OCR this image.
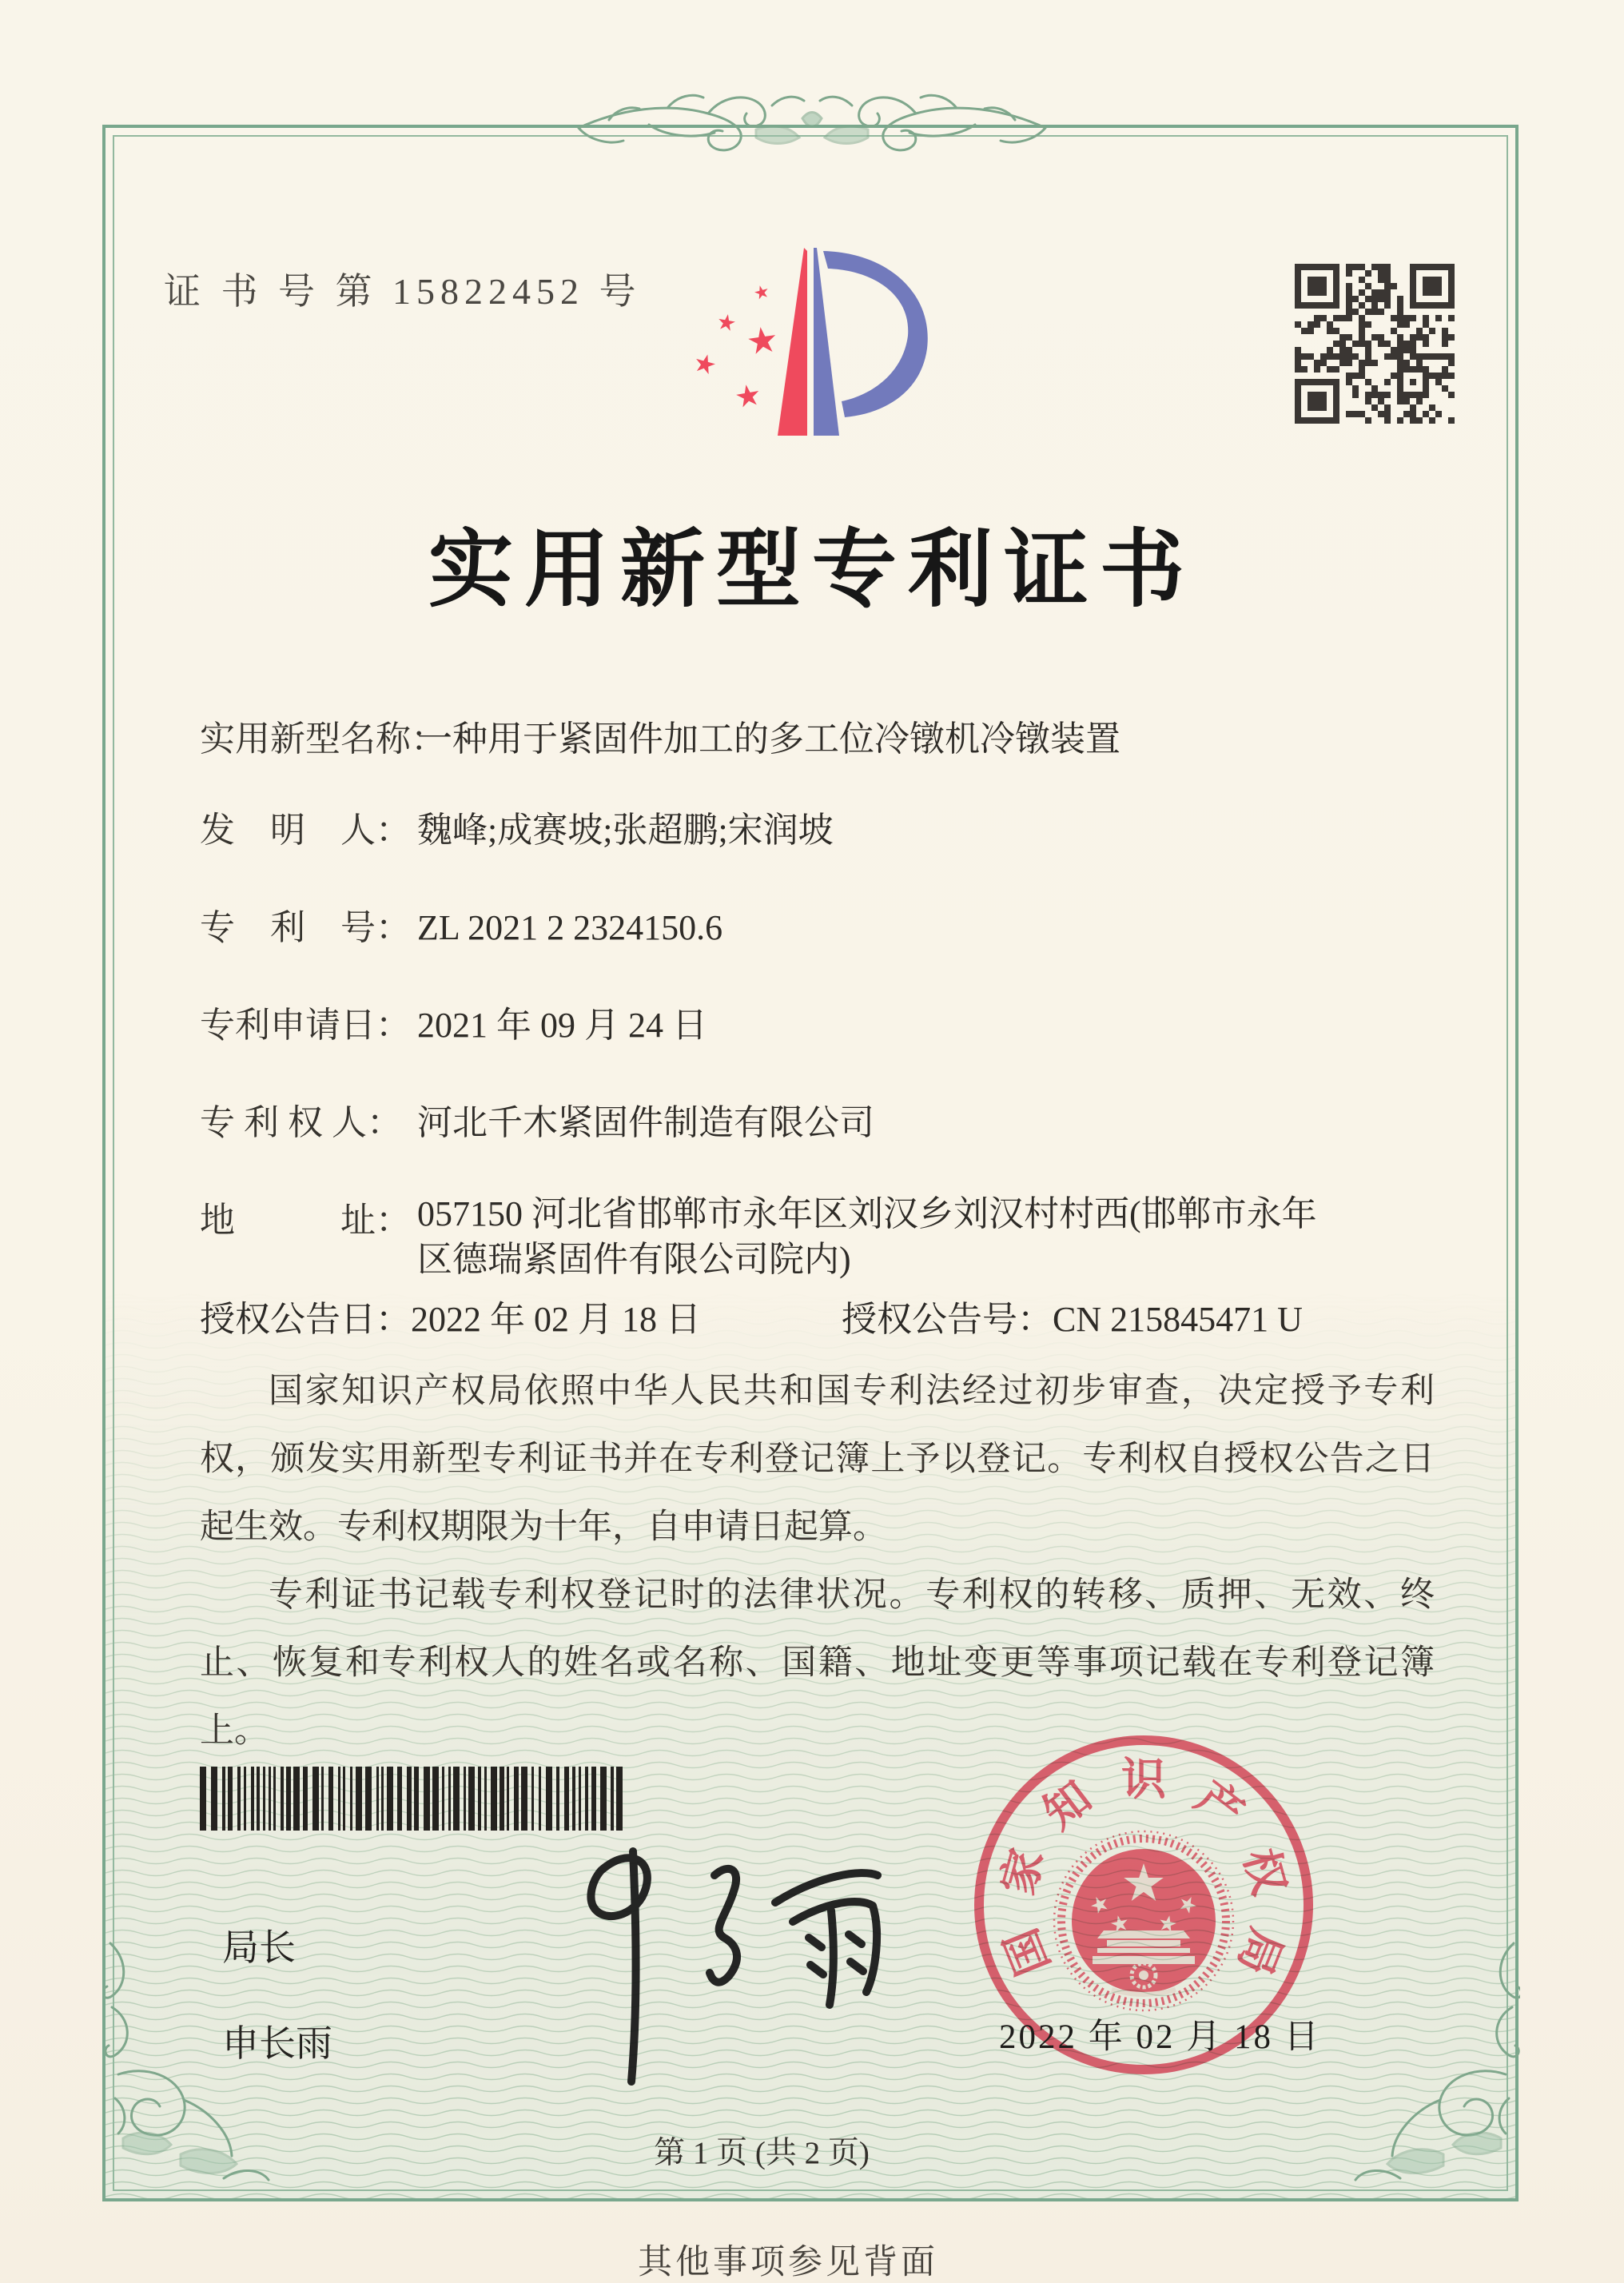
证 书 号 第 15822452 号
实用新型专利证书
实用新型名称：一种用于紧固件加工的多工位冷镦机冷镦装置
发　明　人： 魏峰;成赛坡;张超鹏;宋润坡
专　利　号： ZL 2021 2 2324150.6
专利申请日： 2021 年 09 月 24 日
专 利 权 人： 河北千木紧固件制造有限公司
地　　　址： 057150 河北省邯郸市永年区刘汉乡刘汉村村西(邯郸市永年区德瑞紧固件有限公司院内)
授权公告日：2022 年 02 月 18 日	授权公告号：CN 215845471 U

国家知识产权局依照中华人民共和国专利法经过初步审查，决定授予专利权，颁发实用新型专利证书并在专利登记簿上予以登记。专利权自授权公告之日起生效。专利权期限为十年，自申请日起算。

专利证书记载专利权登记时的法律状况。专利权的转移、质押、无效、终止、恢复和专利权人的姓名或名称、国籍、地址变更等事项记载在专利登记簿上。

局长
申长雨
国
家
知 识 产
权
局
2022 年 02 月 18 日
第 1 页 (共 2 页)
其他事项参见背面
